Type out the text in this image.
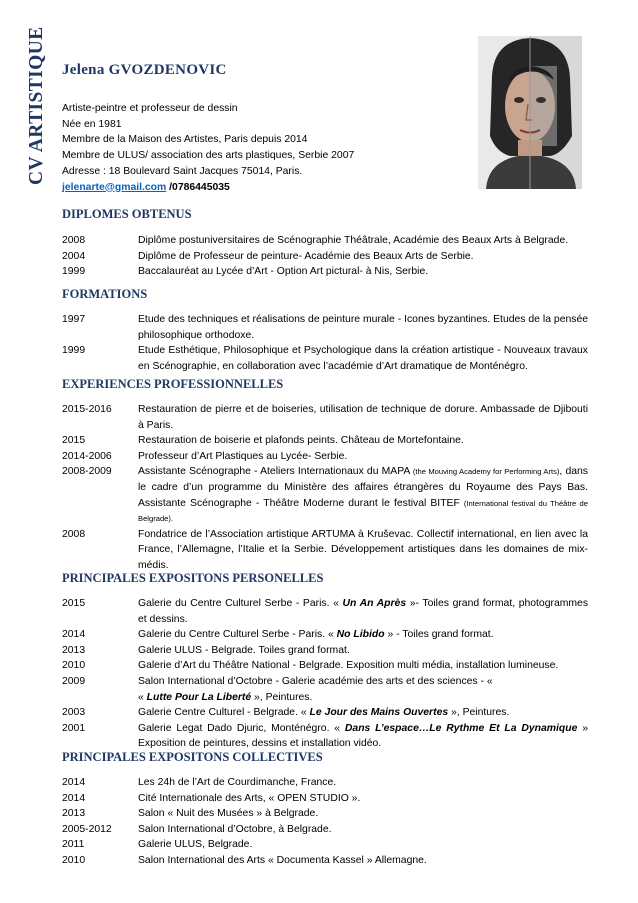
CV ARTISTIQUE Jelena GVOZDENOVIC
Artiste-peintre et professeur de dessin
Née en 1981
Membre de la Maison des Artistes, Paris depuis 2014
Membre de ULUS/ association des arts plastiques, Serbie 2007
Adresse : 18 Boulevard Saint Jacques 75014, Paris.
jelenarte@gmail.com /0786445035
DIPLOMES OBTENUS
2008	Diplôme postuniversitaires de Scénographie Théâtrale, Académie des Beaux Arts à Belgrade.
2004	Diplôme de Professeur de peinture- Académie des Beaux Arts de Serbie.
1999	Baccalauréat au Lycée d’Art - Option Art pictural- à Nis, Serbie.
FORMATIONS
1997	Etude des techniques et réalisations de peinture murale - Icones byzantines. Etudes de la pensée philosophique orthodoxe.
1999	Etude Esthétique, Philosophique et Psychologique dans la création artistique - Nouveaux travaux en Scénographie, en collaboration avec l’académie d’Art dramatique de Monténégro.
EXPERIENCES PROFESSIONNELLES
2015-2016	Restauration de pierre et de boiseries, utilisation de technique de dorure. Ambassade de Djibouti à Paris.
2015	Restauration de boiserie et plafonds peints. Château de Mortefontaine.
2014-2006	Professeur d’Art Plastiques au Lycée- Serbie.
2008-2009	Assistante Scénographe - Ateliers Internationaux du MAPA (the Mouving Academy for Performing Arts), dans le cadre d’un programme du Ministère des affaires étrangères du Royaume des Pays Bas. Assistante Scénographe - Théâtre Moderne durant le festival BITEF (International festival du Théâtre de Belgrade).
2008	Fondatrice de l’Association artistique ARTUMA à Kruševac. Collectif international, en lien avec la France, l’Allemagne, l’Italie et la Serbie. Développement artistiques dans les domaines de mix-médis.
PRINCIPALES EXPOSITONS PERSONELLES
2015	Galerie du Centre Culturel Serbe - Paris. « Un An Après »- Toiles grand format, photogrammes et dessins.
2014	Galerie du Centre Culturel Serbe - Paris. « No Libido » - Toiles grand format.
2013	Galerie ULUS - Belgrade. Toiles grand format.
2010	Galerie d’Art du Théâtre National - Belgrade. Exposition multi média, installation lumineuse.
2009	Salon International d’Octobre - Galerie académie des arts et des sciences - «
« Lutte Pour La Liberté », Peintures.
2003	Galerie Centre Culturel - Belgrade. « Le Jour des Mains Ouvertes », Peintures.
2001	Galerie Legat Dado Djuric, Monténégro. « Dans L’espace…Le Rythme Et La Dynamique » Exposition de peintures, dessins et installation vidéo.
PRINCIPALES EXPOSITONS COLLECTIVES
2014	Les 24h de l’Art de Courdimanche, France.
2014	Cité Internationale des Arts, « OPEN STUDIO ».
2013	Salon « Nuit des Musées » à Belgrade.
2005-2012	Salon International d’Octobre, à Belgrade.
2011	Galerie ULUS, Belgrade.
2010	Salon International des Arts « Documenta Kassel » Allemagne.
